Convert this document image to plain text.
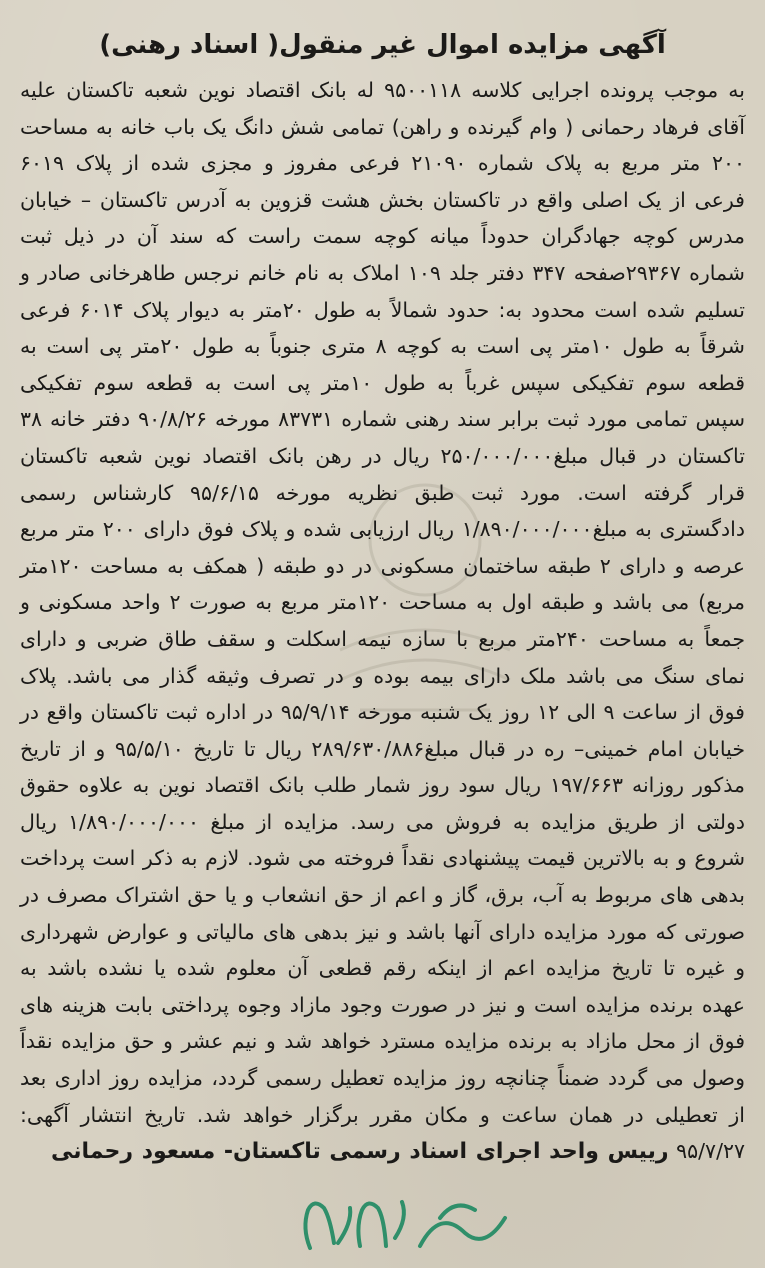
آگهی مزایده اموال غیر منقول( اسناد رهنی)

به موجب پرونده اجرایی کلاسه ۹۵۰۰۱۱۸ له بانک اقتصاد نوین شعبه تاکستان علیه آقای فرهاد رحمانی ( وام گیرنده و راهن) تمامی شش دانگ یک باب خانه به مساحت ۲۰۰ متر مربع به پلاک شماره ۲۱۰۹۰ فرعی مفروز و مجزی شده از پلاک ۶۰۱۹ فرعی از یک اصلی واقع در تاکستان بخش هشت قزوین به آدرس تاکستان – خیابان مدرس کوچه جهادگران حدوداً میانه کوچه سمت راست که سند آن در ذیل ثبت شماره ۲۹۳۶۷صفحه ۳۴۷ دفتر جلد ۱۰۹ املاک به نام خانم نرجس طاهرخانی صادر و تسلیم شده است محدود به: حدود شمالاً به طول ۲۰متر به دیوار پلاک ۶۰۱۴ فرعی شرقاً به طول ۱۰متر پی است به کوچه ۸ متری جنوباً به طول ۲۰متر پی است به قطعه سوم تفکیکی سپس غرباً به طول ۱۰متر پی است به قطعه سوم تفکیکی سپس تمامی مورد ثبت برابر سند رهنی شماره ۸۳۷۳۱ مورخه ۹۰/۸/۲۶ دفتر خانه ۳۸ تاکستان در قبال مبلغ۲۵۰/۰۰۰/۰۰۰ ریال در رهن بانک اقتصاد نوین شعبه تاکستان قرار گرفته است. مورد ثبت طبق نظریه مورخه ۹۵/۶/۱۵ کارشناس رسمی دادگستری به مبلغ۱/۸۹۰/۰۰۰/۰۰۰ ریال ارزیابی شده و پلاک فوق دارای ۲۰۰ متر مربع عرصه و دارای ۲ طبقه ساختمان مسکونی در دو طبقه ( همکف به مساحت ۱۲۰متر مربع) می باشد و طبقه اول به مساحت ۱۲۰متر مربع به صورت ۲ واحد مسکونی و جمعاً به مساحت ۲۴۰متر مربع با سازه نیمه اسکلت و سقف طاق ضربی و دارای نمای سنگ می باشد ملک دارای بیمه بوده و در تصرف وثیقه گذار می باشد. پلاک فوق از ساعت ۹ الی ۱۲ روز یک شنبه مورخه ۹۵/۹/۱۴ در اداره ثبت تاکستان واقع در خیابان امام خمینی– ره در قبال مبلغ۲۸۹/۶۳۰/۸۸۶ ریال تا تاریخ ۹۵/۵/۱۰ و از تاریخ مذکور روزانه ۱۹۷/۶۶۳ ریال سود روز شمار طلب بانک اقتصاد نوین به علاوه حقوق دولتی از طریق مزایده به فروش می رسد. مزایده از مبلغ ۱/۸۹۰/۰۰۰/۰۰۰ ریال شروع و به بالاترین قیمت پیشنهادی نقداً فروخته می شود. لازم به ذکر است پرداخت بدهی های مربوط به آب، برق، گاز و اعم از حق انشعاب و یا حق اشتراک مصرف در صورتی که مورد مزایده دارای آنها باشد و نیز بدهی های مالیاتی و عوارض شهرداری و غیره تا تاریخ مزایده اعم از اینکه رقم قطعی آن معلوم شده یا نشده باشد به عهده برنده مزایده است و نیز در صورت وجود مازاد وجوه پرداختی بابت هزینه های فوق از محل مازاد به برنده مزایده مسترد خواهد شد و نیم عشر و حق مزایده نقداً وصول می گردد ضمناً چنانچه روز مزایده تعطیل رسمی گردد، مزایده روز اداری بعد از تعطیلی در همان ساعت و مکان مقرر برگزار خواهد شد. تاریخ انتشار آگهی: ۹۵/۷/۲۷ رییس واحد اجرای اسناد رسمی تاکستان- مسعود رحمانی
